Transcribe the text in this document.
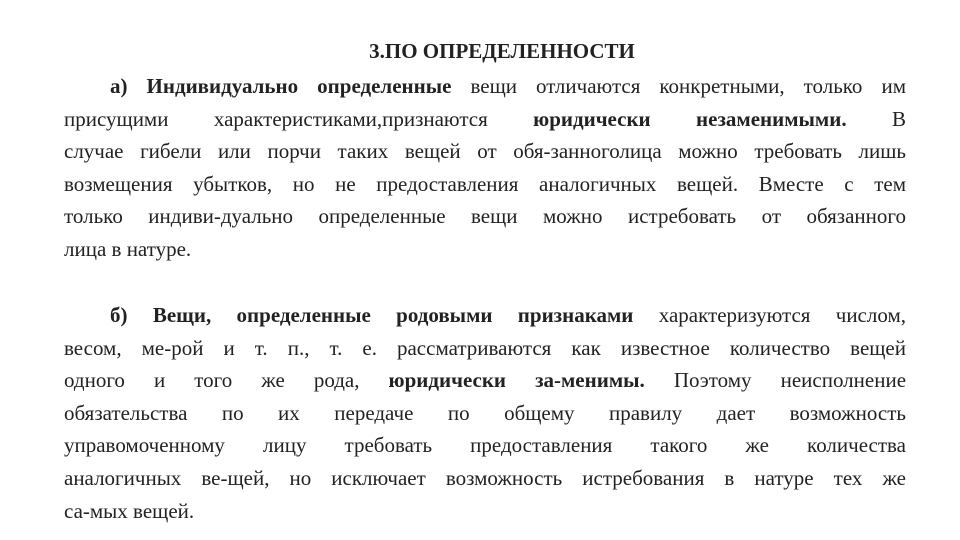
3.ПО ОПРЕДЕЛЕННОСТИ
а) Индивидуально определенные вещи отличаются конкретными, только им
присущими характеристиками,признаются юридически незаменимыми. В
случае гибели или порчи таких вещей от обя-занноголица можно требовать лишь
возмещения убытков, но не предоставления аналогичных вещей. Вместе с тем
только индиви-дуально определенные вещи можно истребовать от обязанного
лица в натуре.
б) Вещи, определенные родовыми признаками характеризуются числом,
весом, ме-рой и т. п., т. е. рассматриваются как известное количество вещей
одного и того же рода, юридически за-менимы. Поэтому неисполнение
обязательства по их передаче по общему правилу дает возможность
управомоченному лицу требовать предоставления такого же количества
аналогичных ве-щей, но исключает возможность истребования в натуре тех же
са-мых вещей.
